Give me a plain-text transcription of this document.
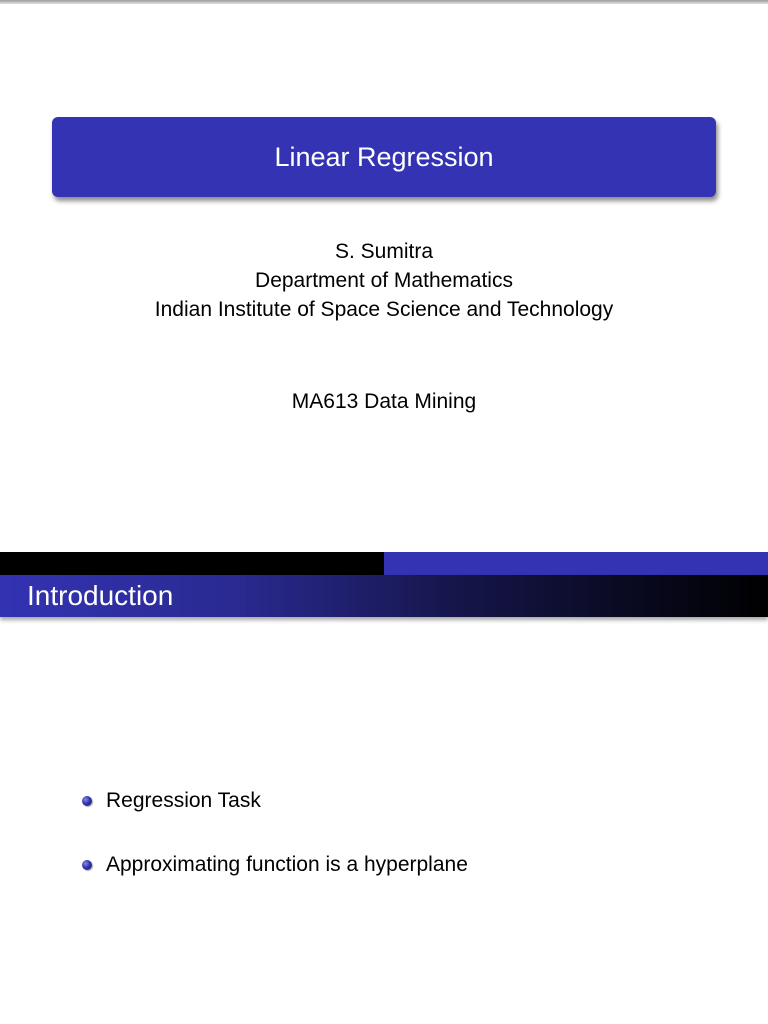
Linear Regression
S. Sumitra
Department of Mathematics
Indian Institute of Space Science and Technology
MA613 Data Mining
Introduction
Regression Task
Approximating function is a hyperplane
